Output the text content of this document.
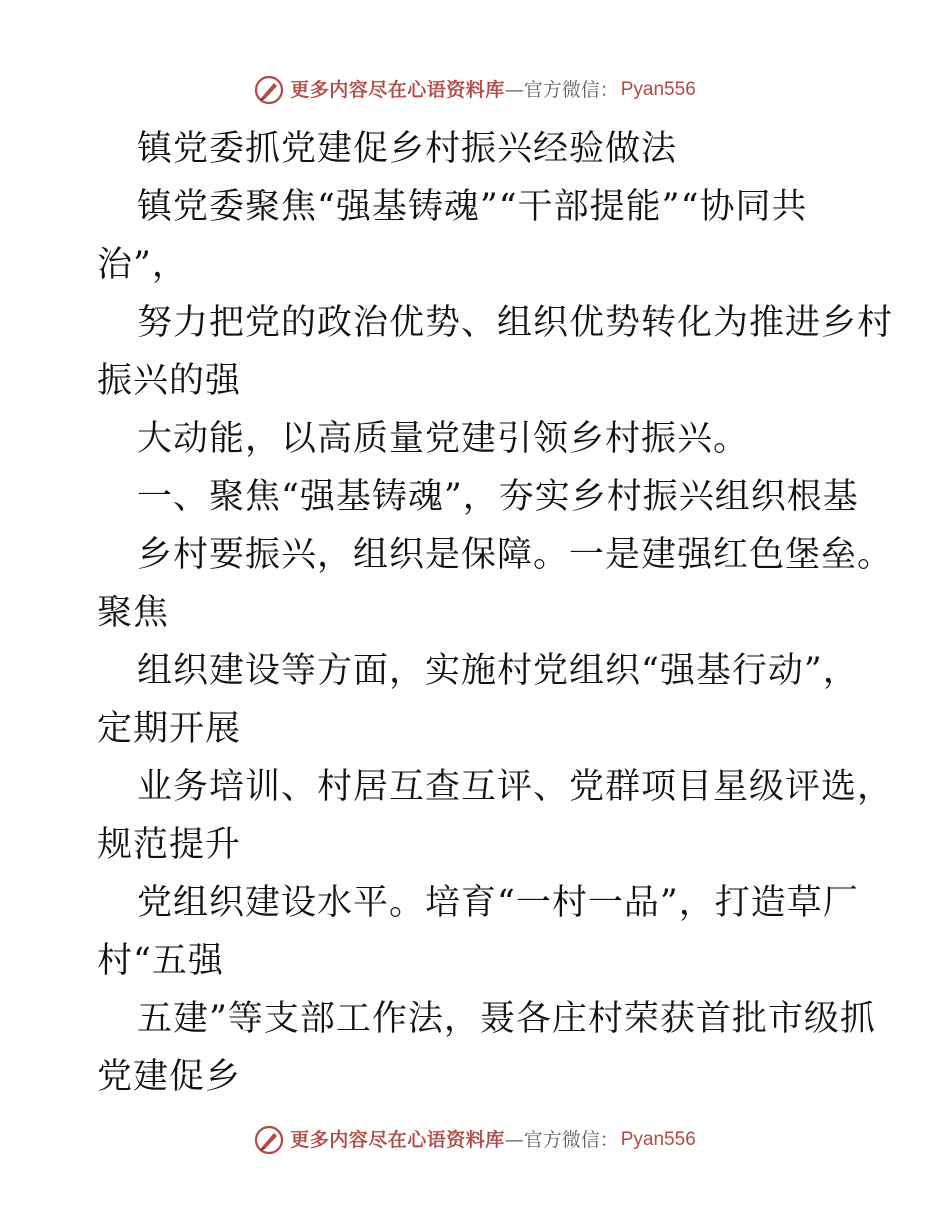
更多内容尽在心语资料库 —官方微信： Pyan556
镇党委抓党建促乡村振兴经验做法
镇党委聚焦“强基铸魂”“干部提能”“协同共
治”，
努力把党的政治优势、组织优势转化为推进乡村
振兴的强
大动能，以高质量党建引领乡村振兴。
一、聚焦“强基铸魂”，夯实乡村振兴组织根基
乡村要振兴，组织是保障。一是建强红色堡垒。
聚焦
组织建设等方面，实施村党组织“强基行动”，
定期开展
业务培训、村居互查互评、党群项目星级评选，
规范提升
党组织建设水平。培育“一村一品”，打造草厂
村“五强
五建”等支部工作法，聂各庄村荣获首批市级抓
党建促乡
更多内容尽在心语资料库 —官方微信： Pyan556
